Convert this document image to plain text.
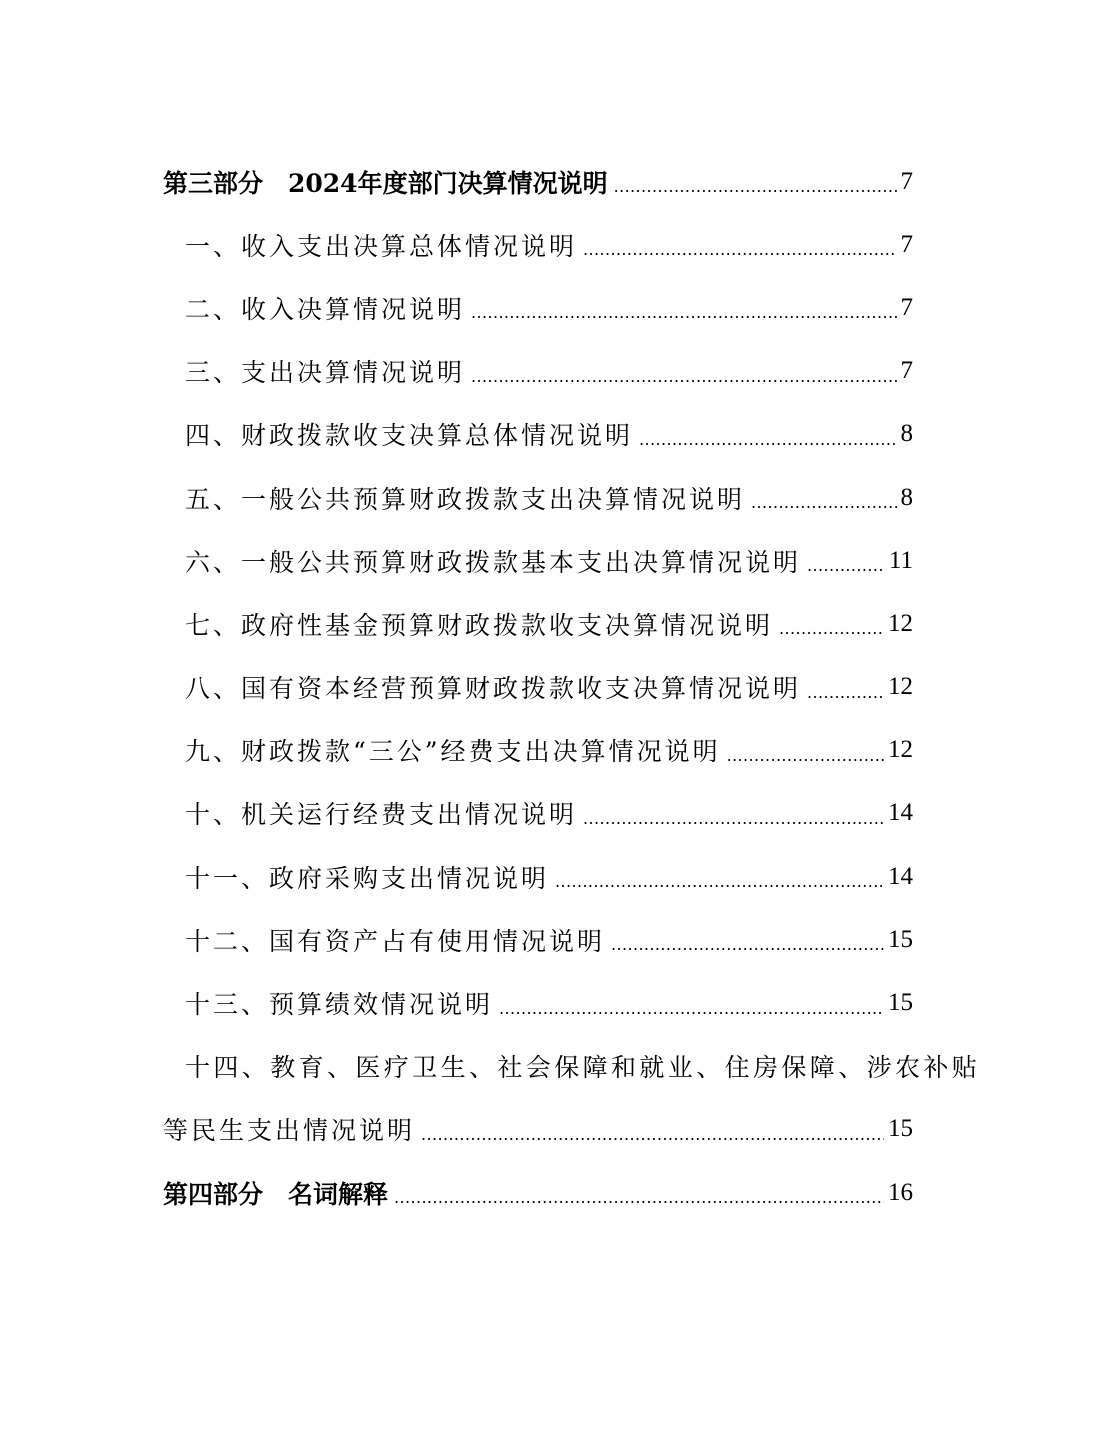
第三部分　2024年度部门决算情况说明 .....	7
一、收入支出决算总体情况说明 .....	7
二、收入决算情况说明 .....	7
三、支出决算情况说明 .....	7
四、财政拨款收支决算总体情况说明 .....	8
五、一般公共预算财政拨款支出决算情况说明 .....	8
六、一般公共预算财政拨款基本支出决算情况说明 .....	11
七、政府性基金预算财政拨款收支决算情况说明 .....	12
八、国有资本经营预算财政拨款收支决算情况说明 .....	12
九、财政拨款“三公”经费支出决算情况说明 .....	12
十、机关运行经费支出情况说明 .....	14
十一、政府采购支出情况说明 .....	14
十二、国有资产占有使用情况说明 .....	15
十三、预算绩效情况说明 .....	15
十四、教育、医疗卫生、社会保障和就业、住房保障、涉农补贴
等民生支出情况说明 .....	15
第四部分　名词解释 .....	16
